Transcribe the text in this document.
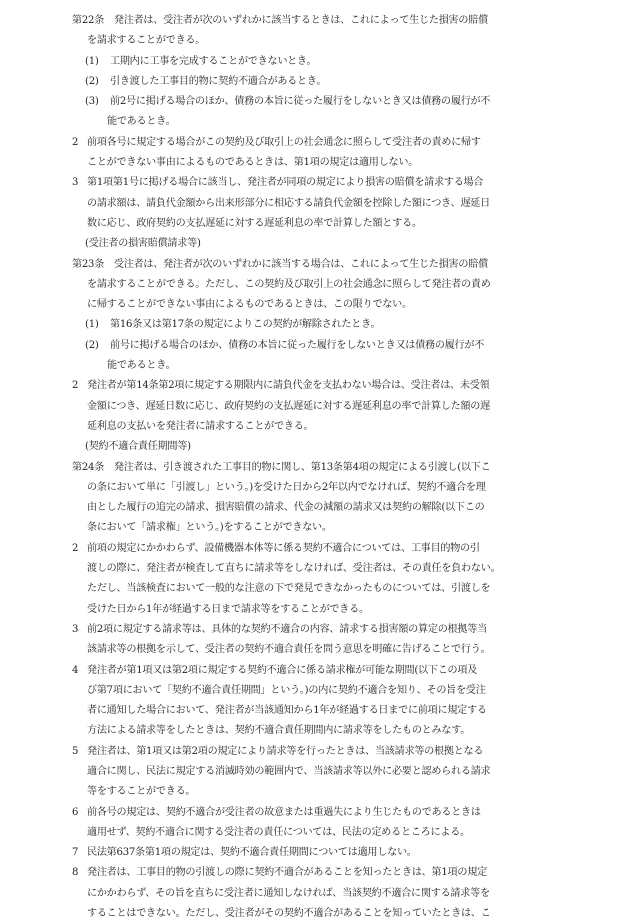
第22条　発注者は、受注者が次のいずれかに該当するときは、これによって生じた損害の賠償
を請求することができる。
(1) 工期内に工事を完成することができないとき。
(2) 引き渡した工事目的物に契約不適合があるとき。
(3) 前2号に掲げる場合のほか、債務の本旨に従った履行をしないとき又は債務の履行が不
能であるとき。
2 前項各号に規定する場合がこの契約及び取引上の社会通念に照らして受注者の責めに帰す
ことができない事由によるものであるときは、第1項の規定は適用しない。
3 第1項第1号に掲げる場合に該当し、発注者が同項の規定により損害の賠償を請求する場合
の請求額は、請負代金額から出来形部分に相応する請負代金額を控除した額につき、遅延日
数に応じ、政府契約の支払遅延に対する遅延利息の率で計算した額とする。
(受注者の損害賠償請求等)
第23条　受注者は、発注者が次のいずれかに該当する場合は、これによって生じた損害の賠償
を請求することができる。ただし、この契約及び取引上の社会通念に照らして発注者の責め
に帰することができない事由によるものであるときは、この限りでない。
(1) 第16条又は第17条の規定によりこの契約が解除されたとき。
(2) 前号に掲げる場合のほか、債務の本旨に従った履行をしないとき又は債務の履行が不
能であるとき。
2 発注者が第14条第2項に規定する期限内に請負代金を支払わない場合は、受注者は、未受領
金額につき、遅延日数に応じ、政府契約の支払遅延に対する遅延利息の率で計算した額の遅
延利息の支払いを発注者に請求することができる。
(契約不適合責任期間等)
第24条　発注者は、引き渡された工事目的物に関し、第13条第4項の規定による引渡し(以下こ
の条において単に「引渡し」という。)を受けた日から2年以内でなければ、契約不適合を理
由とした履行の追完の請求、損害賠償の請求、代金の減額の請求又は契約の解除(以下この
条において「請求権」という。)をすることができない。
2 前項の規定にかかわらず、設備機器本体等に係る契約不適合については、工事目的物の引
渡しの際に、発注者が検査して直ちに請求等をしなければ、受注者は、その責任を負わない。
ただし、当該検査において一般的な注意の下で発見できなかったものについては、引渡しを
受けた日から1年が経過する日まで請求等をすることができる。
3 前2項に規定する請求等は、具体的な契約不適合の内容、請求する損害額の算定の根拠等当
該請求等の根拠を示して、受注者の契約不適合責任を問う意思を明確に告げることで行う。
4 発注者が第1項又は第2項に規定する契約不適合に係る請求権が可能な期間(以下この項及
び第7項において「契約不適合責任期間」という。)の内に契約不適合を知り、その旨を受注
者に通知した場合において、発注者が当該通知から1年が経過する日までに前項に規定する
方法による請求等をしたときは、契約不適合責任期間内に請求等をしたものとみなす。
5 発注者は、第1項又は第2項の規定により請求等を行ったときは、当該請求等の根拠となる
適合に関し、民法に規定する消滅時効の範囲内で、当該請求等以外に必要と認められる請求
等をすることができる。
6 前各号の規定は、契約不適合が受注者の故意または重過失により生じたものであるときは
適用せず、契約不適合に関する受注者の責任については、民法の定めるところによる。
7 民法第637条第1項の規定は、契約不適合責任期間については適用しない。
8 発注者は、工事目的物の引渡しの際に契約不適合があることを知ったときは、第1項の規定
にかかわらず、その旨を直ちに受注者に通知しなければ、当該契約不適合に関する請求等を
することはできない。ただし、受注者がその契約不適合があることを知っていたときは、こ
